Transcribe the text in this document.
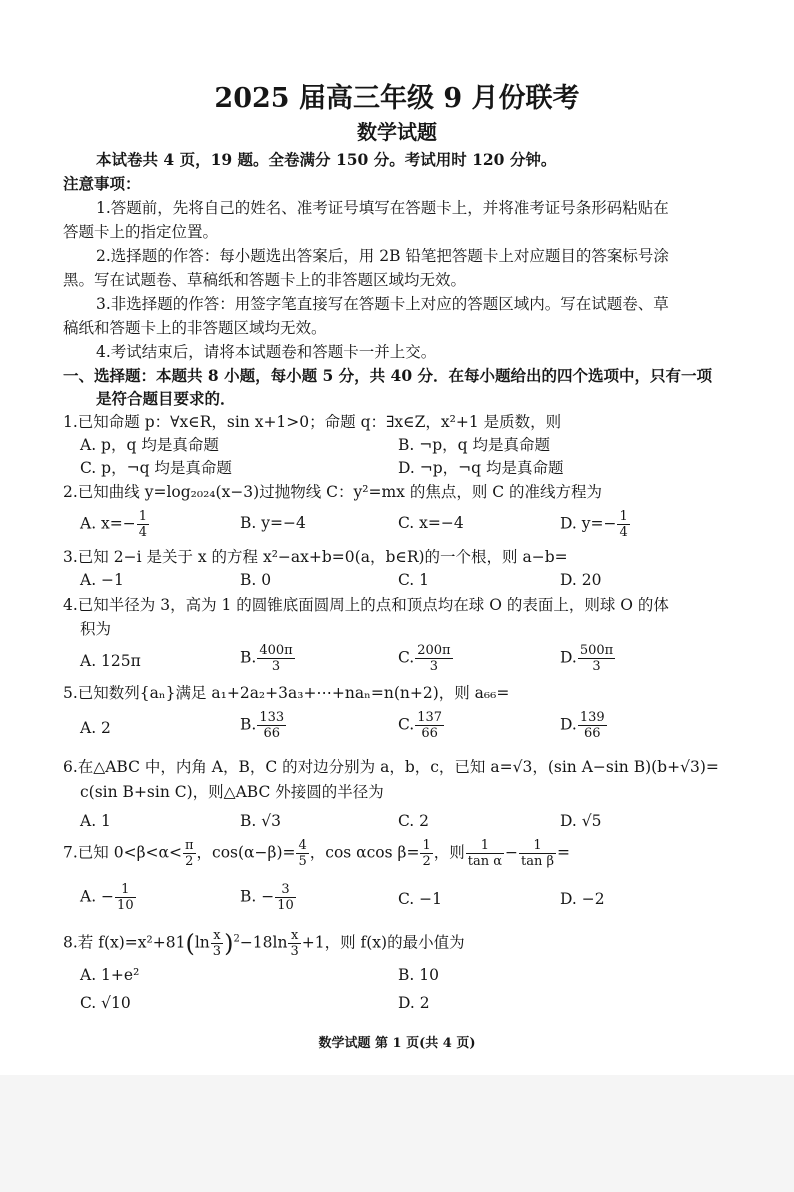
2025 届高三年级 9 月份联考
数学试题
本试卷共 4 页，19 题。全卷满分 150 分。考试用时 120 分钟。
注意事项：
1.答题前，先将自己的姓名、准考证号填写在答题卡上，并将准考证号条形码粘贴在
答题卡上的指定位置。
2.选择题的作答：每小题选出答案后，用 2B 铅笔把答题卡上对应题目的答案标号涂
黑。写在试题卷、草稿纸和答题卡上的非答题区域均无效。
3.非选择题的作答：用签字笔直接写在答题卡上对应的答题区域内。写在试题卷、草
稿纸和答题卡上的非答题区域均无效。
4.考试结束后，请将本试题卷和答题卡一并上交。
一、选择题：本题共 8 小题，每小题 5 分，共 40 分．在每小题给出的四个选项中，只有一项
是符合题目要求的．
1.已知命题 p：∀x∈R，sin x+1>0；命题 q：∃x∈Z，x²+1 是质数，则
A. p，q 均是真命题	B. ¬p，q 均是真命题
C. p，¬q 均是真命题	D. ¬p，¬q 均是真命题
2.已知曲线 y=log₂₀₂₄(x−3)过抛物线 C：y²=mx 的焦点，则 C 的准线方程为
A. $x=- \frac{1}{4}$	B. y=−4	C. x=−4	D. $y=- \frac{1}{4}$
3.已知 2−i 是关于 x 的方程 x²−ax+b=0(a，b∈R)的一个根，则 a−b=
A. −1	B. 0	C. 1	D. 20
4.已知半径为 3，高为 1 的圆锥底面圆周上的点和顶点均在球 O 的表面上，则球 O 的体
积为
A. 125π	B. $\frac{400\pi}{3}$	C. $\frac{200\pi}{3}$	D. $\frac{500\pi}{3}$
5.已知数列{aₙ}满足 a₁+2a₂+3a₃+⋯+naₙ=n(n+2)，则 a₆₆=
A. 2	B. $\frac{133}{66}$	C. $\frac{137}{66}$	D. $\frac{139}{66}$
6.在△ABC 中，内角 A，B，C 的对边分别为 a，b，c，已知 a=√3，(sin A−sin B)(b+√3)=
c(sin B+sin C)，则△ABC 外接圆的半径为
A. 1	B. √3	C. 2	D. √5
7.已知 $0<\beta<\alpha< \frac{\pi}{2}$ ，$\cos(\alpha-\beta)= \frac{4}{5}$ ，cos αcos $\beta= \frac{1}{2}$ ，则 $\frac{1}{\text{tan α}} - \frac{1}{\text{tan β}}$ =
A. − $\frac{1}{10}$	B. − $\frac{3}{10}$	C. −1	D. −2
8.若 $f(x)=x^2+81(\ln \frac{x}{3} )^2-18\ln \frac{x}{3} +1$，则 f(x)的最小值为
A. 1+e²	B. 10
C. √10	D. 2
数学试题 第 1 页(共 4 页)
